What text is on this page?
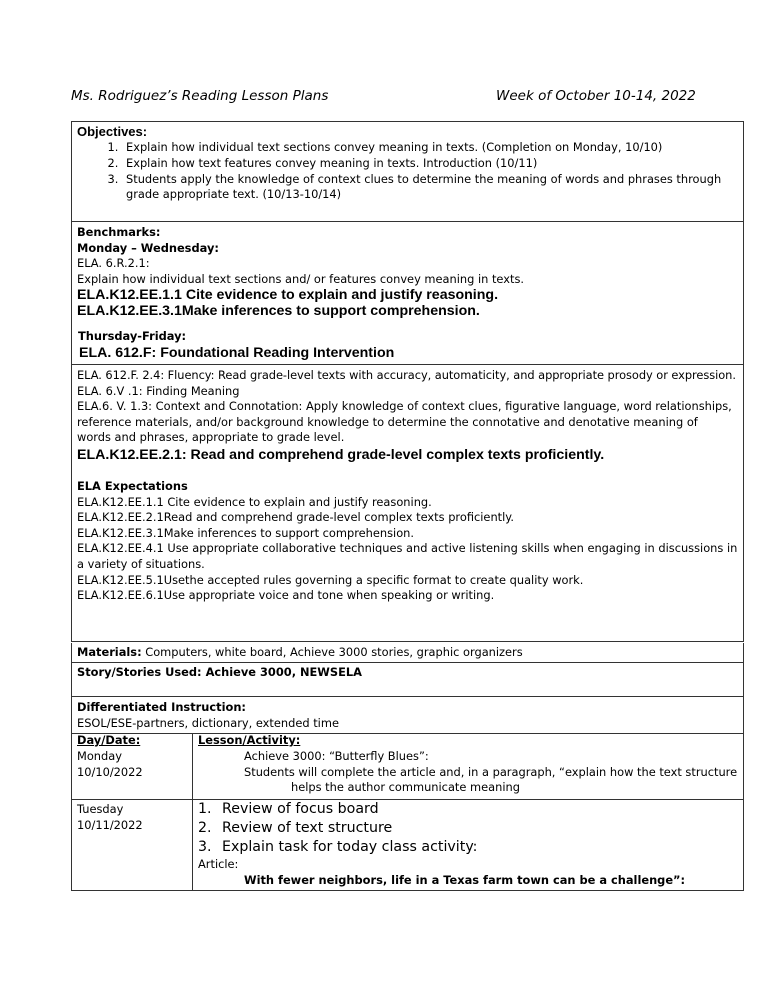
Ms. Rodriguez’s Reading Lesson Plans	Week of October 10-14, 2022
Objectives:
1. Explain how individual text sections convey meaning in texts. (Completion on Monday, 10/10)
2. Explain how text features convey meaning in texts. Introduction (10/11)
3. Students apply the knowledge of context clues to determine the meaning of words and phrases through grade appropriate text. (10/13-10/14)
Benchmarks:
Monday – Wednesday:
ELA. 6.R.2.1:
Explain how individual text sections and/ or features convey meaning in texts.
ELA.K12.EE.1.1 Cite evidence to explain and justify reasoning.
ELA.K12.EE.3.1Make inferences to support comprehension.
Thursday-Friday:
ELA. 612.F: Foundational Reading Intervention
ELA. 612.F. 2.4: Fluency: Read grade-level texts with accuracy, automaticity, and appropriate prosody or expression.
ELA. 6.V .1: Finding Meaning
ELA.6. V. 1.3: Context and Connotation: Apply knowledge of context clues, figurative language, word relationships, reference materials, and/or background knowledge to determine the connotative and denotative meaning of words and phrases, appropriate to grade level.
ELA.K12.EE.2.1: Read and comprehend grade-level complex texts proficiently.
ELA Expectations
ELA.K12.EE.1.1 Cite evidence to explain and justify reasoning.
ELA.K12.EE.2.1Read and comprehend grade-level complex texts proficiently.
ELA.K12.EE.3.1Make inferences to support comprehension.
ELA.K12.EE.4.1 Use appropriate collaborative techniques and active listening skills when engaging in discussions in a variety of situations.
ELA.K12.EE.5.1Usethe accepted rules governing a specific format to create quality work.
ELA.K12.EE.6.1Use appropriate voice and tone when speaking or writing.
Materials: Computers, white board, Achieve 3000 stories, graphic organizers
Story/Stories Used: Achieve 3000, NEWSELA
Differentiated Instruction:
ESOL/ESE-partners, dictionary, extended time
Day/Date:	Lesson/Activity:
Monday
10/10/2022
Achieve 3000: “Butterfly Blues”:
Students will complete the article and, in a paragraph, “explain how the text structure
helps the author communicate meaning
Tuesday
10/11/2022
1. Review of focus board
2. Review of text structure
3. Explain task for today class activity:
Article:
With fewer neighbors, life in a Texas farm town can be a challenge”:
